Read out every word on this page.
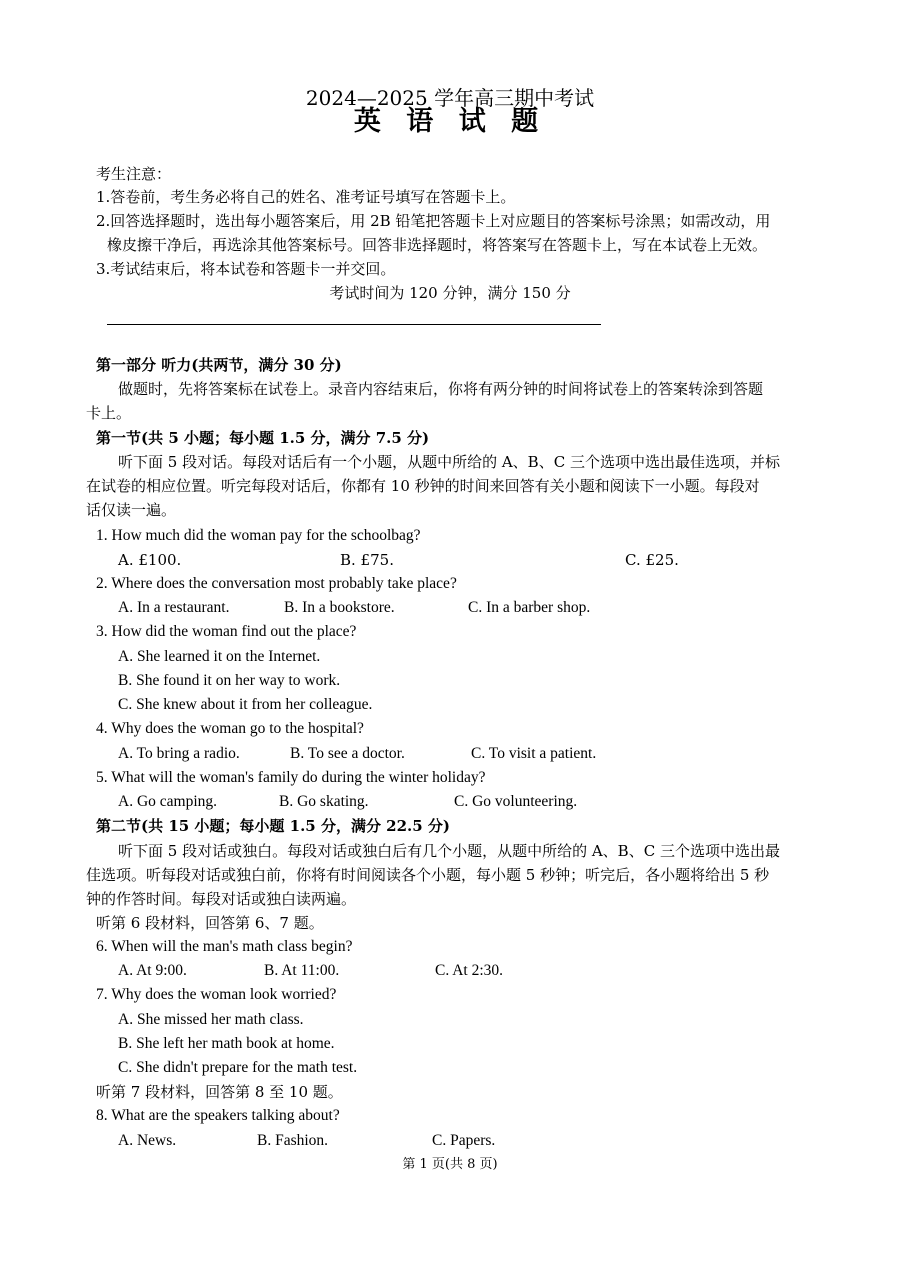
2024—2025 学年高三期中考试
英 语 试 题
考生注意：
1.答卷前，考生务必将自己的姓名、准考证号填写在答题卡上。
2.回答选择题时，选出每小题答案后，用 2B 铅笔把答题卡上对应题目的答案标号涂黑；如需改动，用
橡皮擦干净后，再选涂其他答案标号。回答非选择题时，将答案写在答题卡上，写在本试卷上无效。
3.考试结束后，将本试卷和答题卡一并交回。
考试时间为 120 分钟，满分 150 分
第一部分 听力(共两节，满分 30 分)
做题时，先将答案标在试卷上。录音内容结束后，你将有两分钟的时间将试卷上的答案转涂到答题
卡上。
第一节(共 5 小题；每小题 1.5 分，满分 7.5 分)
听下面 5 段对话。每段对话后有一个小题，从题中所给的 A、B、C 三个选项中选出最佳选项，并标
在试卷的相应位置。听完每段对话后，你都有 10 秒钟的时间来回答有关小题和阅读下一小题。每段对
话仅读一遍。
1. How much did the woman pay for the schoolbag?
A. £100.	B. £75.	C. £25.
2. Where does the conversation most probably take place?
A. In a restaurant.	B. In a bookstore.	C. In a barber shop.
3. How did the woman find out the place?
A. She learned it on the Internet.
B. She found it on her way to work.
C. She knew about it from her colleague.
4. Why does the woman go to the hospital?
A. To bring a radio.	B. To see a doctor.	C. To visit a patient.
5. What will the woman's family do during the winter holiday?
A. Go camping.	B. Go skating.	C. Go volunteering.
第二节(共 15 小题；每小题 1.5 分，满分 22.5 分)
听下面 5 段对话或独白。每段对话或独白后有几个小题，从题中所给的 A、B、C 三个选项中选出最
佳选项。听每段对话或独白前，你将有时间阅读各个小题，每小题 5 秒钟；听完后，各小题将给出 5 秒
钟的作答时间。每段对话或独白读两遍。
听第 6 段材料，回答第 6、7 题。
6. When will the man's math class begin?
A. At 9:00.	B. At 11:00.	C. At 2:30.
7. Why does the woman look worried?
A. She missed her math class.
B. She left her math book at home.
C. She didn't prepare for the math test.
听第 7 段材料，回答第 8 至 10 题。
8. What are the speakers talking about?
A. News.	B. Fashion.	C. Papers.
第 1 页(共 8 页)
